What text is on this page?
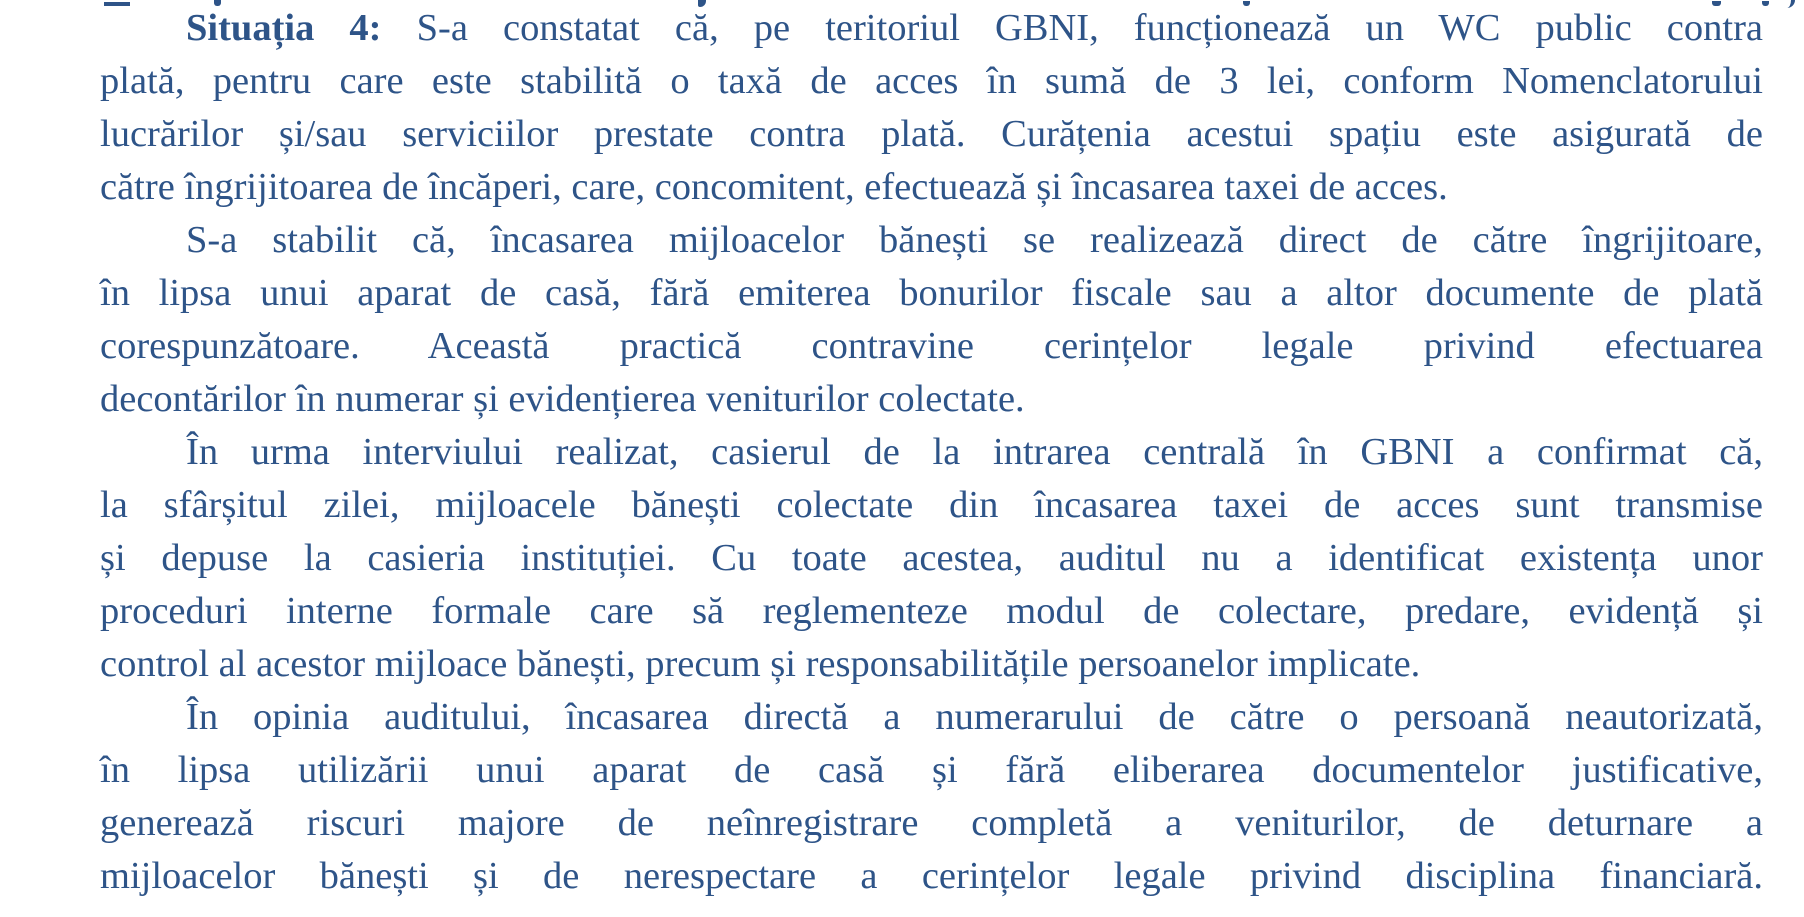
Situația 4: S-a constatat că, pe teritoriul GBNI, funcționează un WC public contra
plată, pentru care este stabilită o taxă de acces în sumă de 3 lei, conform Nomenclatorului
lucrărilor și/sau serviciilor prestate contra plată. Curățenia acestui spațiu este asigurată de
către îngrijitoarea de încăperi, care, concomitent, efectuează și încasarea taxei de acces.
S-a stabilit că, încasarea mijloacelor bănești se realizează direct de către îngrijitoare,
în lipsa unui aparat de casă, fără emiterea bonurilor fiscale sau a altor documente de plată
corespunzătoare. Această practică contravine cerințelor legale privind efectuarea
decontărilor în numerar și evidențierea veniturilor colectate.
În urma interviului realizat, casierul de la intrarea centrală în GBNI a confirmat că,
la sfârșitul zilei, mijloacele bănești colectate din încasarea taxei de acces sunt transmise
și depuse la casieria instituției. Cu toate acestea, auditul nu a identificat existența unor
proceduri interne formale care să reglementeze modul de colectare, predare, evidență și
control al acestor mijloace bănești, precum și responsabilitățile persoanelor implicate.
În opinia auditului, încasarea directă a numerarului de către o persoană neautorizată,
în lipsa utilizării unui aparat de casă și fără eliberarea documentelor justificative,
generează riscuri majore de neînregistrare completă a veniturilor, de deturnare a
mijloacelor bănești și de nerespectare a cerințelor legale privind disciplina financiară.
